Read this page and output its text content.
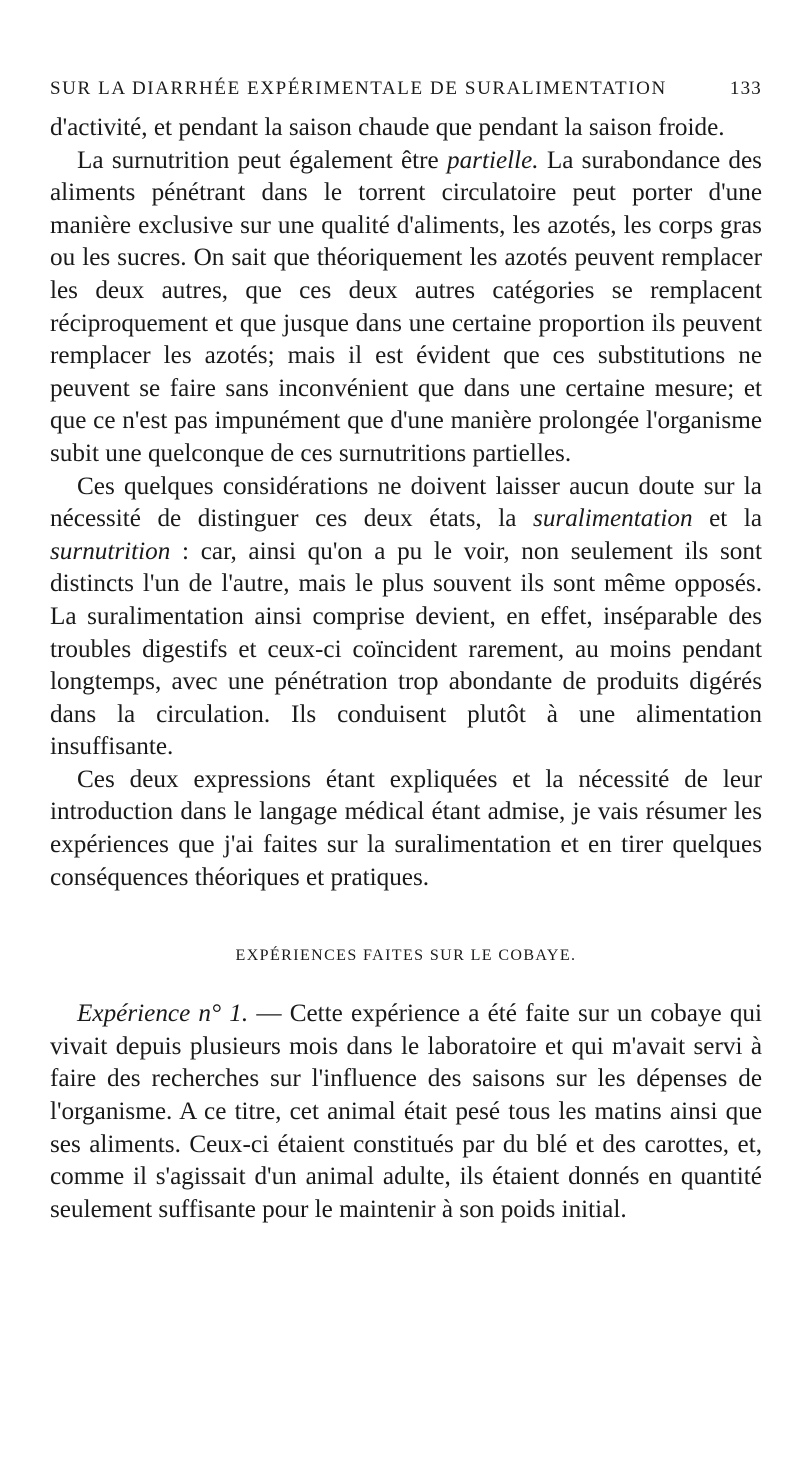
SUR LA DIARRHÉE EXPÉRIMENTALE DE SURALIMENTATION	133

d'activité, et pendant la saison chaude que pendant la saison froide.

La surnutrition peut également être partielle. La surabondance des aliments pénétrant dans le torrent circulatoire peut porter d'une manière exclusive sur une qualité d'aliments, les azotés, les corps gras ou les sucres. On sait que théoriquement les azotés peuvent remplacer les deux autres, que ces deux autres catégories se remplacent réciproquement et que jusque dans une certaine proportion ils peuvent remplacer les azotés; mais il est évident que ces substitutions ne peuvent se faire sans inconvénient que dans une certaine mesure; et que ce n'est pas impunément que d'une manière prolongée l'organisme subit une quelconque de ces surnutritions partielles.

Ces quelques considérations ne doivent laisser aucun doute sur la nécessité de distinguer ces deux états, la suralimentation et la surnutrition : car, ainsi qu'on a pu le voir, non seulement ils sont distincts l'un de l'autre, mais le plus souvent ils sont même opposés. La suralimentation ainsi comprise devient, en effet, inséparable des troubles digestifs et ceux-ci coïncident rarement, au moins pendant longtemps, avec une pénétration trop abondante de produits digérés dans la circulation. Ils conduisent plutôt à une alimentation insuffisante.

Ces deux expressions étant expliquées et la nécessité de leur introduction dans le langage médical étant admise, je vais résumer les expériences que j'ai faites sur la suralimentation et en tirer quelques conséquences théoriques et pratiques.

EXPÉRIENCES FAITES SUR LE COBAYE.

Expérience n° 1. — Cette expérience a été faite sur un cobaye qui vivait depuis plusieurs mois dans le laboratoire et qui m'avait servi à faire des recherches sur l'influence des saisons sur les dépenses de l'organisme. A ce titre, cet animal était pesé tous les matins ainsi que ses aliments. Ceux-ci étaient constitués par du blé et des carottes, et, comme il s'agissait d'un animal adulte, ils étaient donnés en quantité seulement suffisante pour le maintenir à son poids initial.
